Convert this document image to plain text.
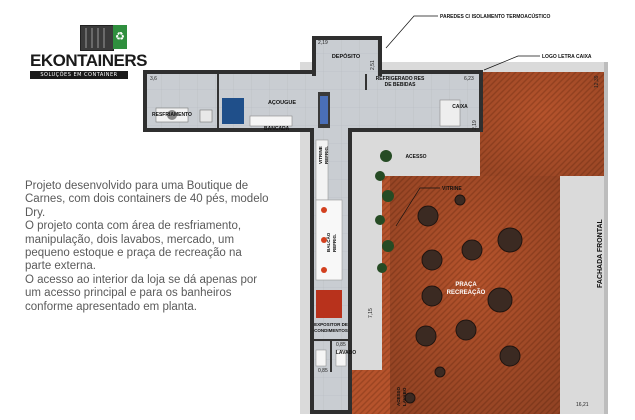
♻
EKONTAINERS
SOLUÇÕES EM CONTAINER

Projeto desenvolvido para uma Boutique de Carnes, com dois containers de 40 pés, modelo Dry.

O projeto conta com área de resfriamento, manipulação, dois lavabos, mercado, um pequeno estoque e praça de recreação na parte externa.

O acesso ao interior da loja se dá apenas por um acesso principal e para os banheiros conforme apresentado em planta.

PAREDES C/ ISOLAMENTO TERMOACÚSTICO
LOGO LETRA CAIXA
VITRINE
DEPÓSITO
AÇOUGUE
RESFRIAMENTO
BANCADA
REFRIGERADO RES
DE BEBIDAS
CAIXA
ACESSO
VITRINE REFRIG.
BALCÃO REFRIG.
EXPOSITOR DE
CONDIMENTOS
LAVABO
ACESSO LAVABO
PRAÇA
RECREAÇÃO
FACHADA FRONTAL
2,19
2,51
3,6	6,23	12,39
2,19
7,15
16,21
0,85
0,85
